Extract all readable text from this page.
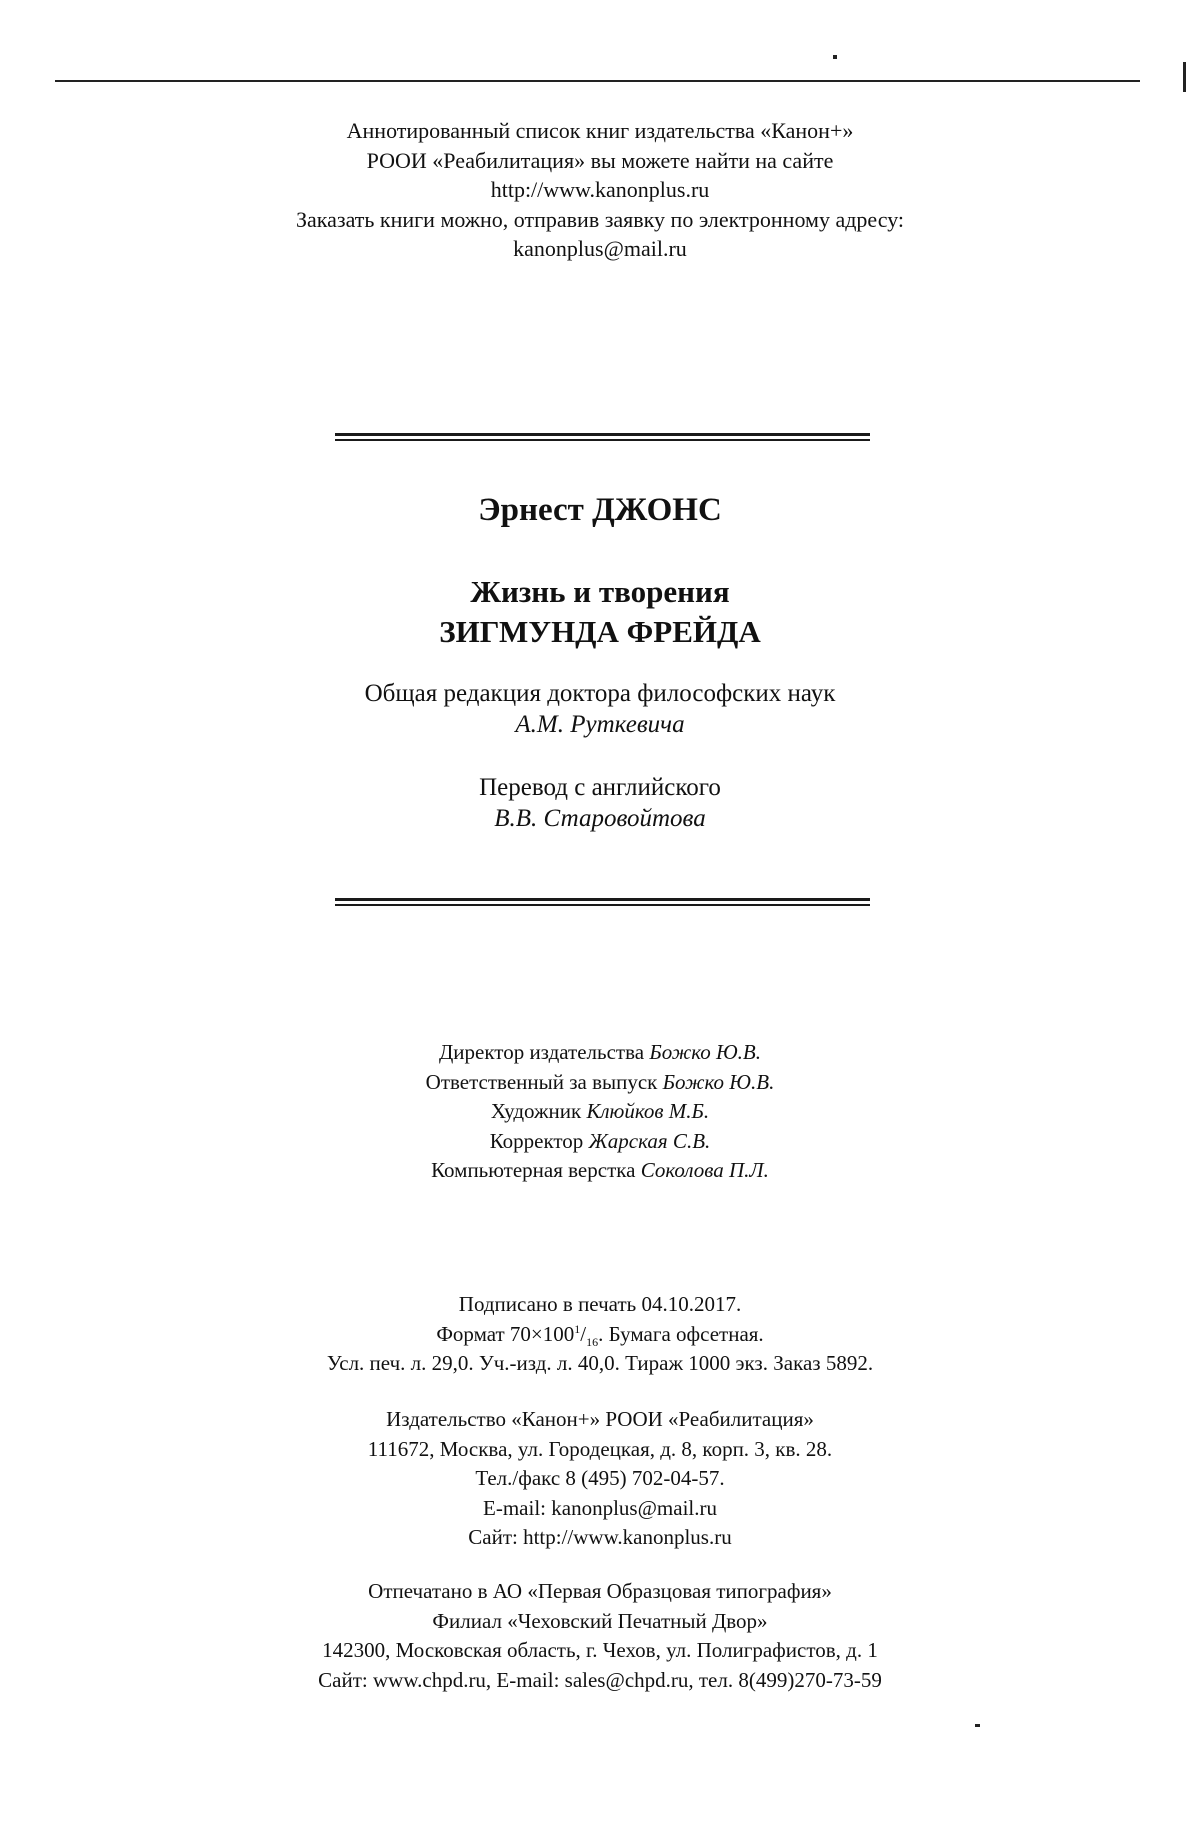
Аннотированный список книг издательства «Канон+»
РООИ «Реабилитация» вы можете найти на сайте
http://www.kanonplus.ru
Заказать книги можно, отправив заявку по электронному адресу:
kanonplus@mail.ru
Эрнест ДЖОНС
Жизнь и творения
ЗИГМУНДА ФРЕЙДА
Общая редакция доктора философских наук
А.М. Руткевича
Перевод с английского
В.В. Старовойтова
Директор издательства Божко Ю.В.
Ответственный за выпуск Божко Ю.В.
Художник Клюйков М.Б.
Корректор Жарская С.В.
Компьютерная верстка Соколова П.Л.
Подписано в печать 04.10.2017.
Формат $70\times 100^1/_{16}$. Бумага офсетная.
Усл. печ. л. 29,0. Уч.-изд. л. 40,0. Тираж 1000 экз. Заказ 5892.
Издательство «Канон+» РООИ «Реабилитация»
111672, Москва, ул. Городецкая, д. 8, корп. 3, кв. 28.
Тел./факс 8 (495) 702-04-57.
E-mail: kanonplus@mail.ru
Сайт: http://www.kanonplus.ru
Отпечатано в АО «Первая Образцовая типография»
Филиал «Чеховский Печатный Двор»
142300, Московская область, г. Чехов, ул. Полиграфистов, д. 1
Сайт: www.chpd.ru, E-mail: sales@chpd.ru, тел. 8(499)270-73-59
